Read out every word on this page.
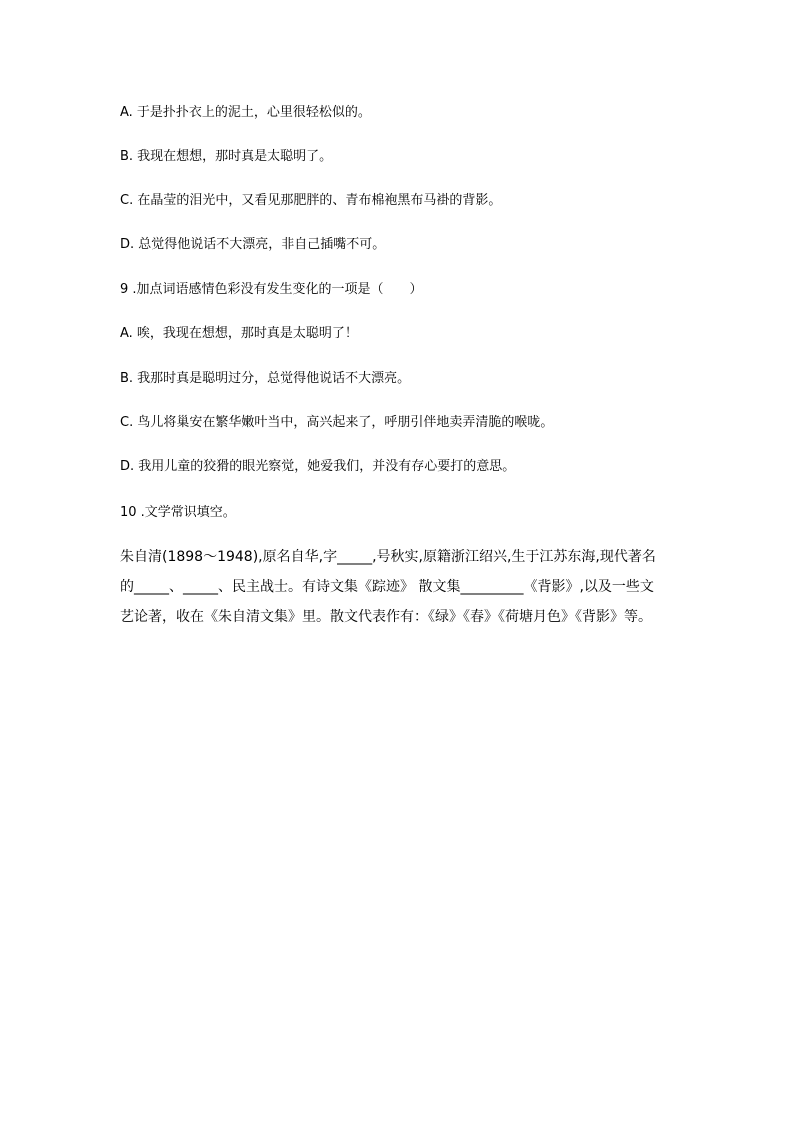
A. 于是扑扑衣上的泥土，心里很轻松似的。
B. 我现在想想，那时真是太聪明了。
C. 在晶莹的泪光中，又看见那肥胖的、青布棉袍黑布马褂的背影。
D. 总觉得他说话不大漂亮，非自己插嘴不可。
9 .加点词语感情色彩没有发生变化的一项是（　　）
A. 唉，我现在想想，那时真是太聪明了！
B. 我那时真是聪明过分，总觉得他说话不大漂亮。
C. 鸟儿将巢安在繁华嫩叶当中，高兴起来了，呼朋引伴地卖弄清脆的喉咙。
D. 我用儿童的狡猾的眼光察觉，她爱我们，并没有存心要打的意思。
10 .文学常识填空。
朱自清(1898～1948),原名自华,字_____,号秋实,原籍浙江绍兴,生于江苏东海,现代著名
的_____、_____、民主战士。有诗文集《踪迹》 散文集_________《背影》,以及一些文
艺论著，收在《朱自清文集》里。散文代表作有：《绿》《春》《荷塘月色》《背影》等。
